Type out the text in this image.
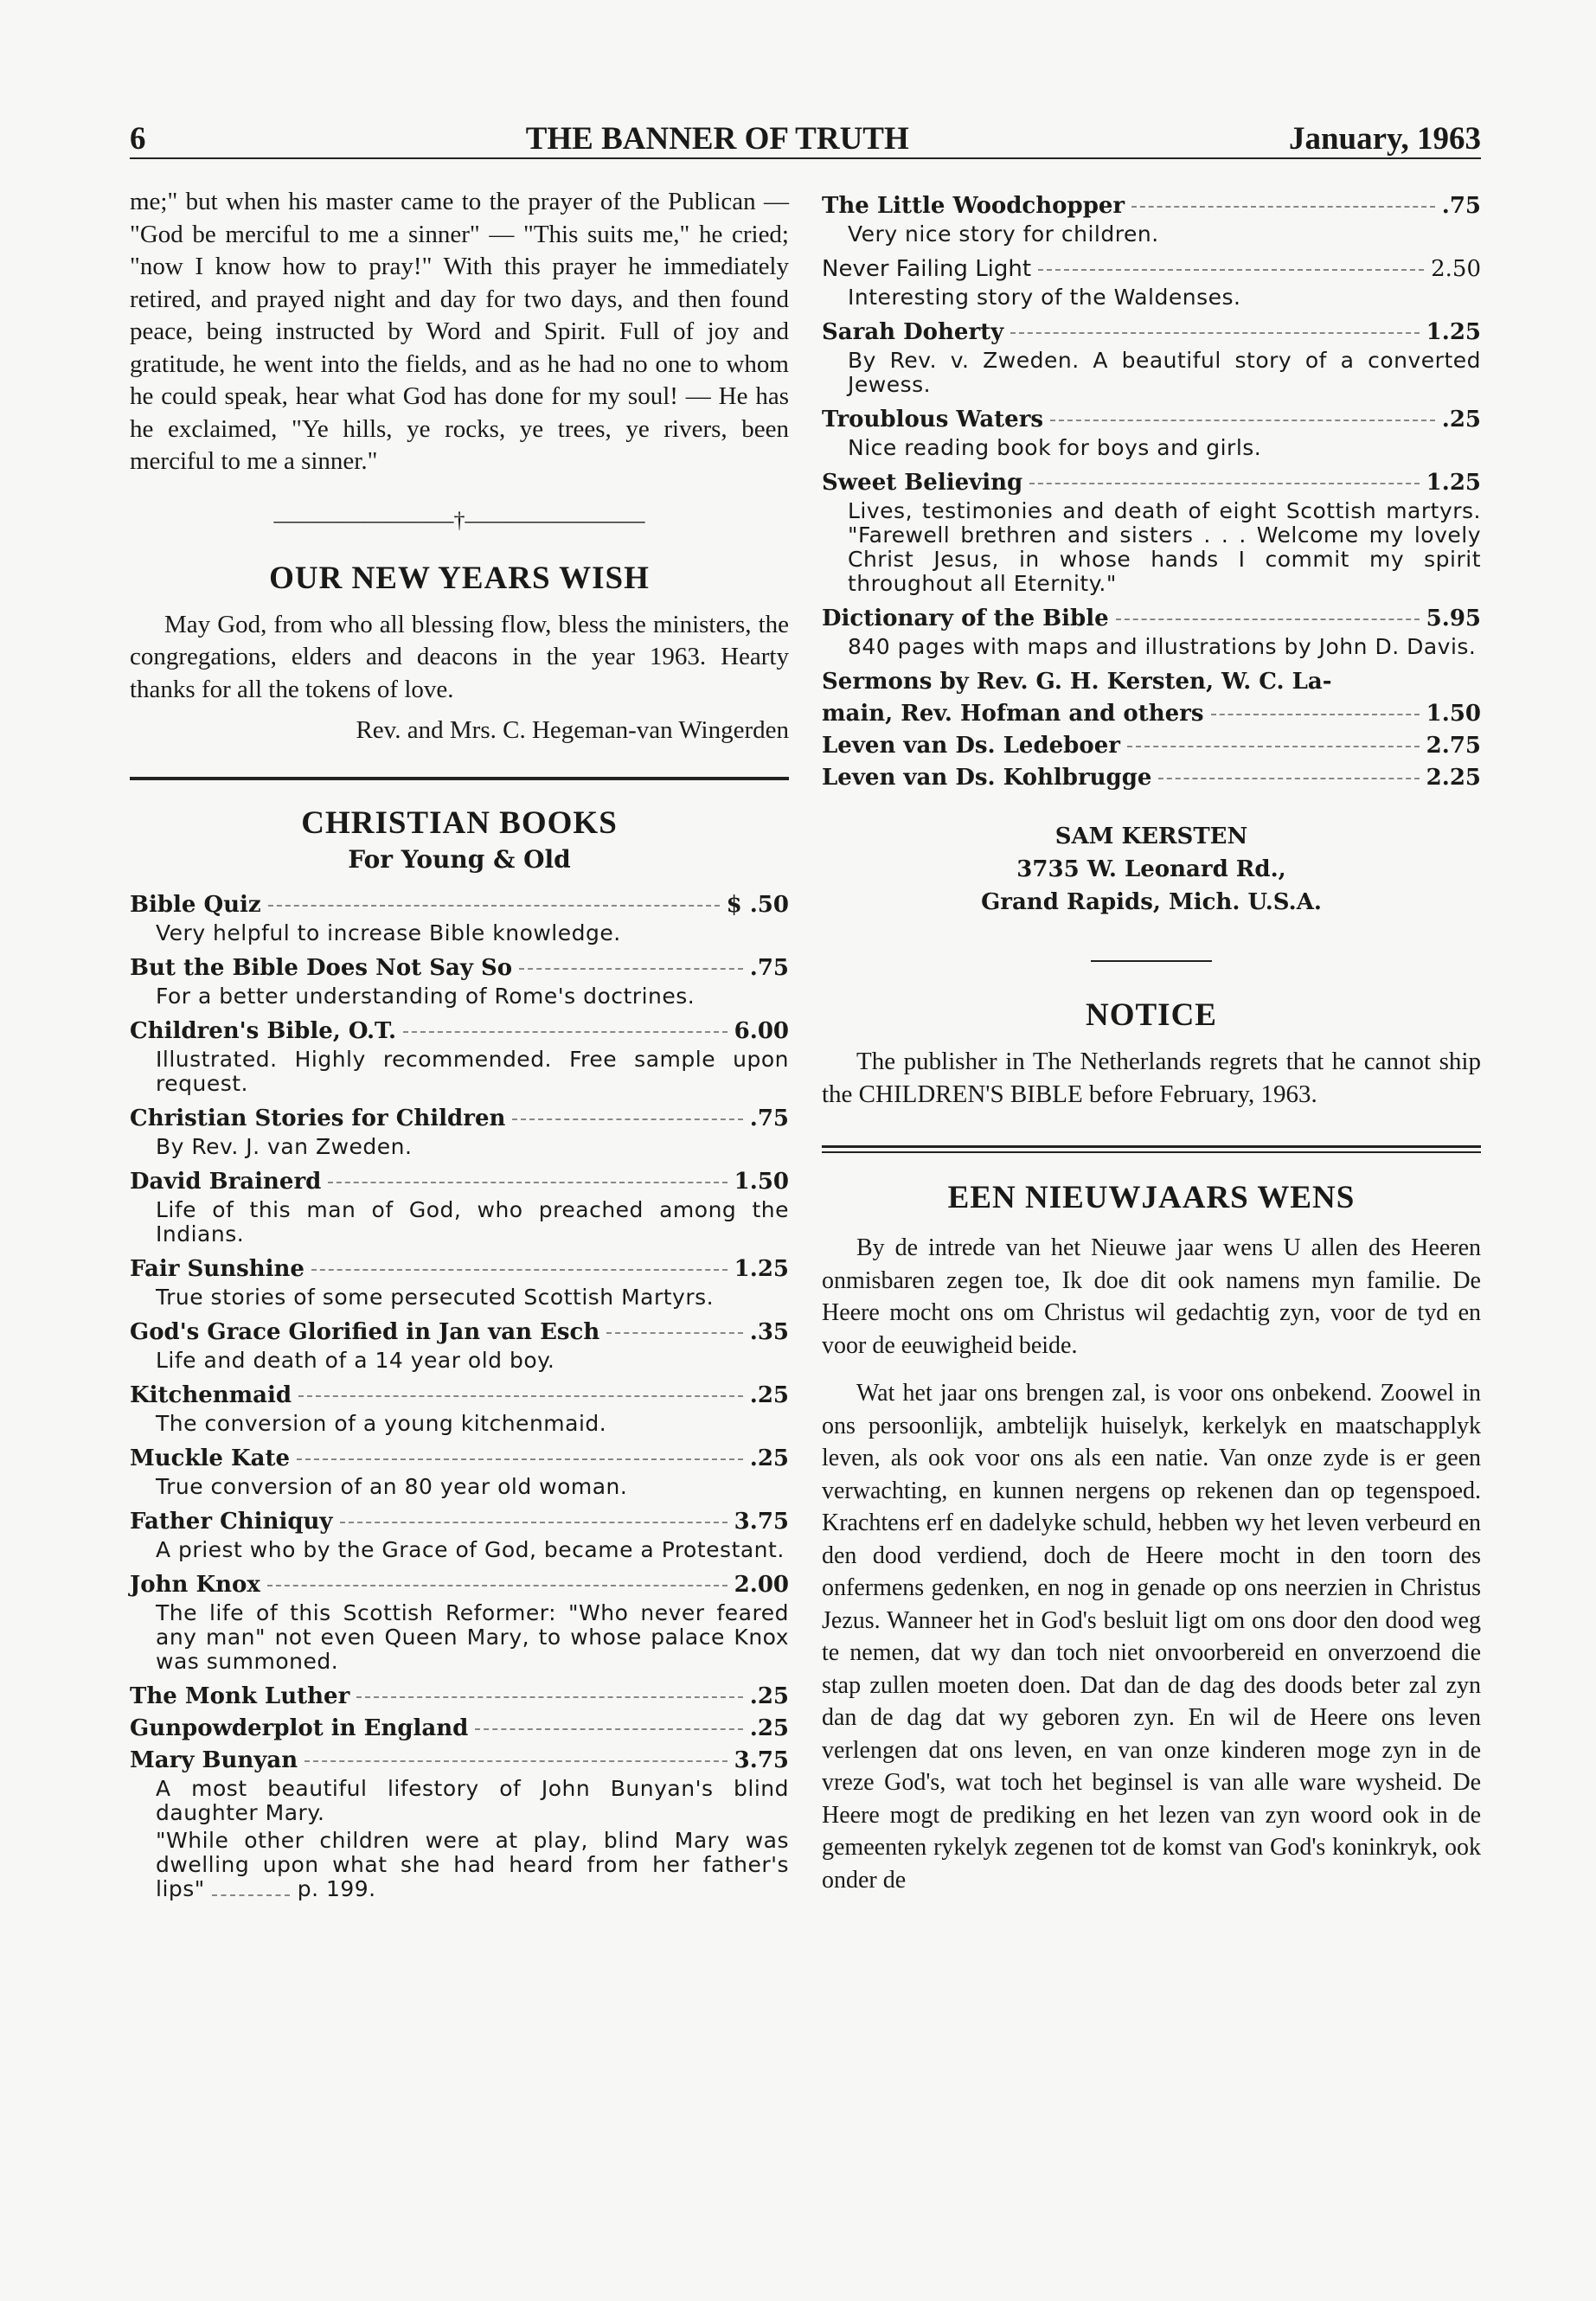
6	THE BANNER OF TRUTH	January, 1963

me;" but when his master came to the prayer of the Publican — "God be merciful to me a sinner" — "This suits me," he cried; "now I know how to pray!" With this prayer he immediately retired, and prayed night and day for two days, and then found peace, being instructed by Word and Spirit. Full of joy and gratitude, he went into the fields, and as he had no one to whom he could speak, hear what God has done for my soul! — He has he exclaimed, "Ye hills, ye rocks, ye trees, ye rivers, been merciful to me a sinner."

————————†————————
OUR NEW YEARS WISH

May God, from who all blessing flow, bless the ministers, the congregations, elders and deacons in the year 1963. Hearty thanks for all the tokens of love.

Rev. and Mrs. C. Hegeman-van Wingerden

CHRISTIAN BOOKS
For Young & Old
Bible Quiz	$ .50
Very helpful to increase Bible knowledge.
But the Bible Does Not Say So	.75
For a better understanding of Rome's doctrines.
Children's Bible, O.T.	6.00
Illustrated. Highly recommended. Free sample upon request.
Christian Stories for Children	.75
By Rev. J. van Zweden.
David Brainerd	1.50
Life of this man of God, who preached among the Indians.
Fair Sunshine	1.25
True stories of some persecuted Scottish Martyrs.
God's Grace Glorified in Jan van Esch	.35
Life and death of a 14 year old boy.
Kitchenmaid	.25
The conversion of a young kitchenmaid.
Muckle Kate	.25
True conversion of an 80 year old woman.
Father Chiniquy	3.75
A priest who by the Grace of God, became a Protestant.
John Knox	2.00
The life of this Scottish Reformer: "Who never feared any man" not even Queen Mary, to whose palace Knox was summoned.
The Monk Luther	.25
Gunpowderplot in England	.25
Mary Bunyan	3.75
A most beautiful lifestory of John Bunyan's blind daughter Mary.
"While other children were at play, blind Mary was dwelling upon what she had heard from her father's lips"	p. 199.
The Little Woodchopper	.75
Very nice story for children.
Never Failing Light	2.50
Interesting story of the Waldenses.
Sarah Doherty	1.25
By Rev. v. Zweden. A beautiful story of a converted Jewess.
Troublous Waters	.25
Nice reading book for boys and girls.
Sweet Believing	1.25
Lives, testimonies and death of eight Scottish martyrs. "Farewell brethren and sisters . . . Welcome my lovely Christ Jesus, in whose hands I commit my spirit throughout all Eternity."
Dictionary of the Bible	5.95
840 pages with maps and illustrations by John D. Davis.
Sermons by Rev. G. H. Kersten, W. C. La-
main, Rev. Hofman and others	1.50
Leven van Ds. Ledeboer	2.75
Leven van Ds. Kohlbrugge	2.25
SAM KERSTEN
3735 W. Leonard Rd.,
Grand Rapids, Mich. U.S.A.
NOTICE

The publisher in The Netherlands regrets that he cannot ship the CHILDREN'S BIBLE before February, 1963.

EEN NIEUWJAARS WENS

By de intrede van het Nieuwe jaar wens U allen des Heeren onmisbaren zegen toe, Ik doe dit ook namens myn familie. De Heere mocht ons om Christus wil gedachtig zyn, voor de tyd en voor de eeuwigheid beide.

Wat het jaar ons brengen zal, is voor ons onbekend. Zoowel in ons persoonlijk, ambtelijk huiselyk, kerkelyk en maatschapplyk leven, als ook voor ons als een natie. Van onze zyde is er geen verwachting, en kunnen nergens op rekenen dan op tegenspoed. Krachtens erf en dadelyke schuld, hebben wy het leven verbeurd en den dood verdiend, doch de Heere mocht in den toorn des onfermens gedenken, en nog in genade op ons neerzien in Christus Jezus. Wanneer het in God's besluit ligt om ons door den dood weg te nemen, dat wy dan toch niet onvoorbereid en onverzoend die stap zullen moeten doen. Dat dan de dag des doods beter zal zyn dan de dag dat wy geboren zyn. En wil de Heere ons leven verlengen dat ons leven, en van onze kinderen moge zyn in de vreze God's, wat toch het beginsel is van alle ware wysheid. De Heere mogt de prediking en het lezen van zyn woord ook in de gemeenten rykelyk zegenen tot de komst van God's koninkryk, ook onder de
